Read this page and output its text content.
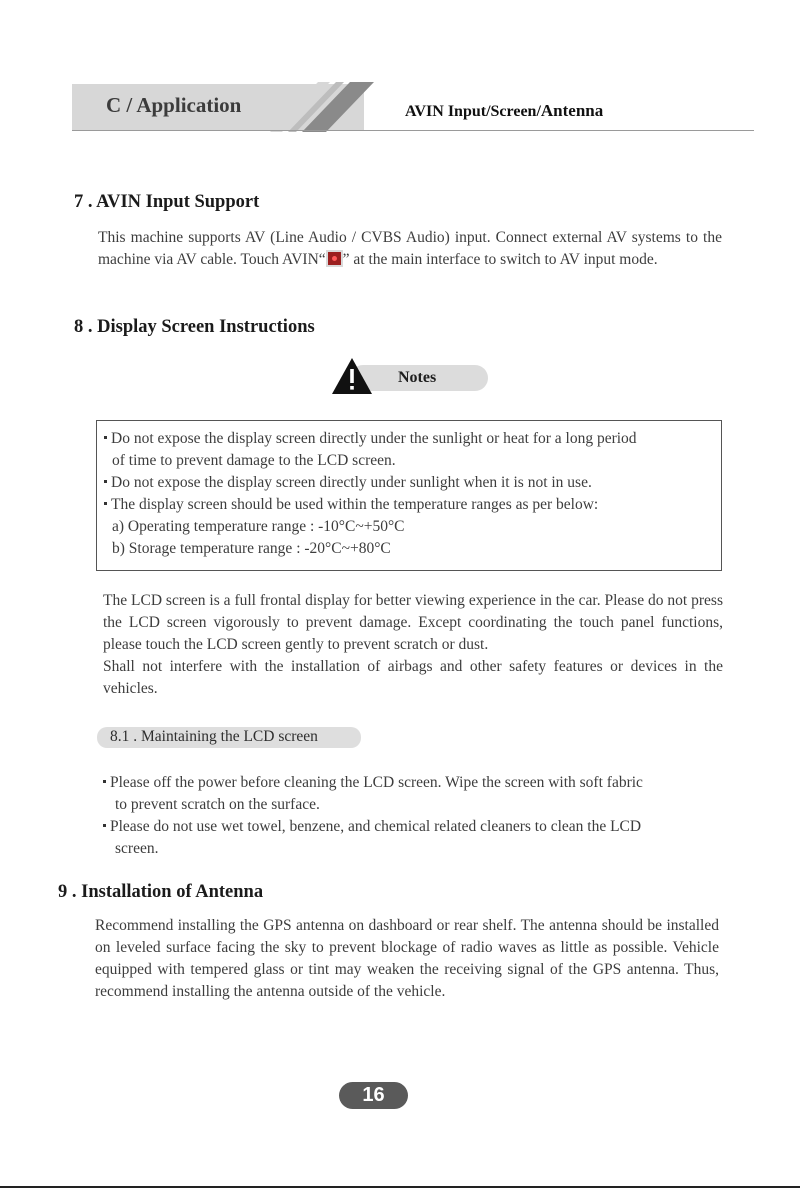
C / Application	AVIN Input/Screen/Antenna
7 . AVIN Input Support

This machine supports AV (Line Audio / CVBS Audio) input. Connect external AV systems to the machine via AV cable. Touch AVIN“ ” at the main interface to switch to AV input mode.

8 . Display Screen Instructions
Notes
Do not expose the display screen directly under the sunlight or heat for a long period
of time to prevent damage to the LCD screen.
Do not expose the display screen directly under sunlight when it is not in use.
The display screen should be used within the temperature ranges as per below:
a) Operating temperature range : -10°C~+50°C
b) Storage temperature range : -20°C~+80°C

The LCD screen is a full frontal display for better viewing experience in the car. Please do not press the LCD screen vigorously to prevent damage. Except coordinating the touch panel functions, please touch the LCD screen gently to prevent scratch or dust.

Shall not interfere with the installation of airbags and other safety features or devices in the vehicles.

8.1 . Maintaining the LCD screen
Please off the power before cleaning the LCD screen. Wipe the screen with soft fabric
to prevent scratch on the surface.
Please do not use wet towel, benzene, and chemical related cleaners to clean the LCD
screen.
9 . Installation of Antenna

Recommend installing the GPS antenna on dashboard or rear shelf. The antenna should be installed on leveled surface facing the sky to prevent blockage of radio waves as little as possible. Vehicle equipped with tempered glass or tint may weaken the receiving signal of the GPS antenna. Thus, recommend installing the antenna outside of the vehicle.

16
